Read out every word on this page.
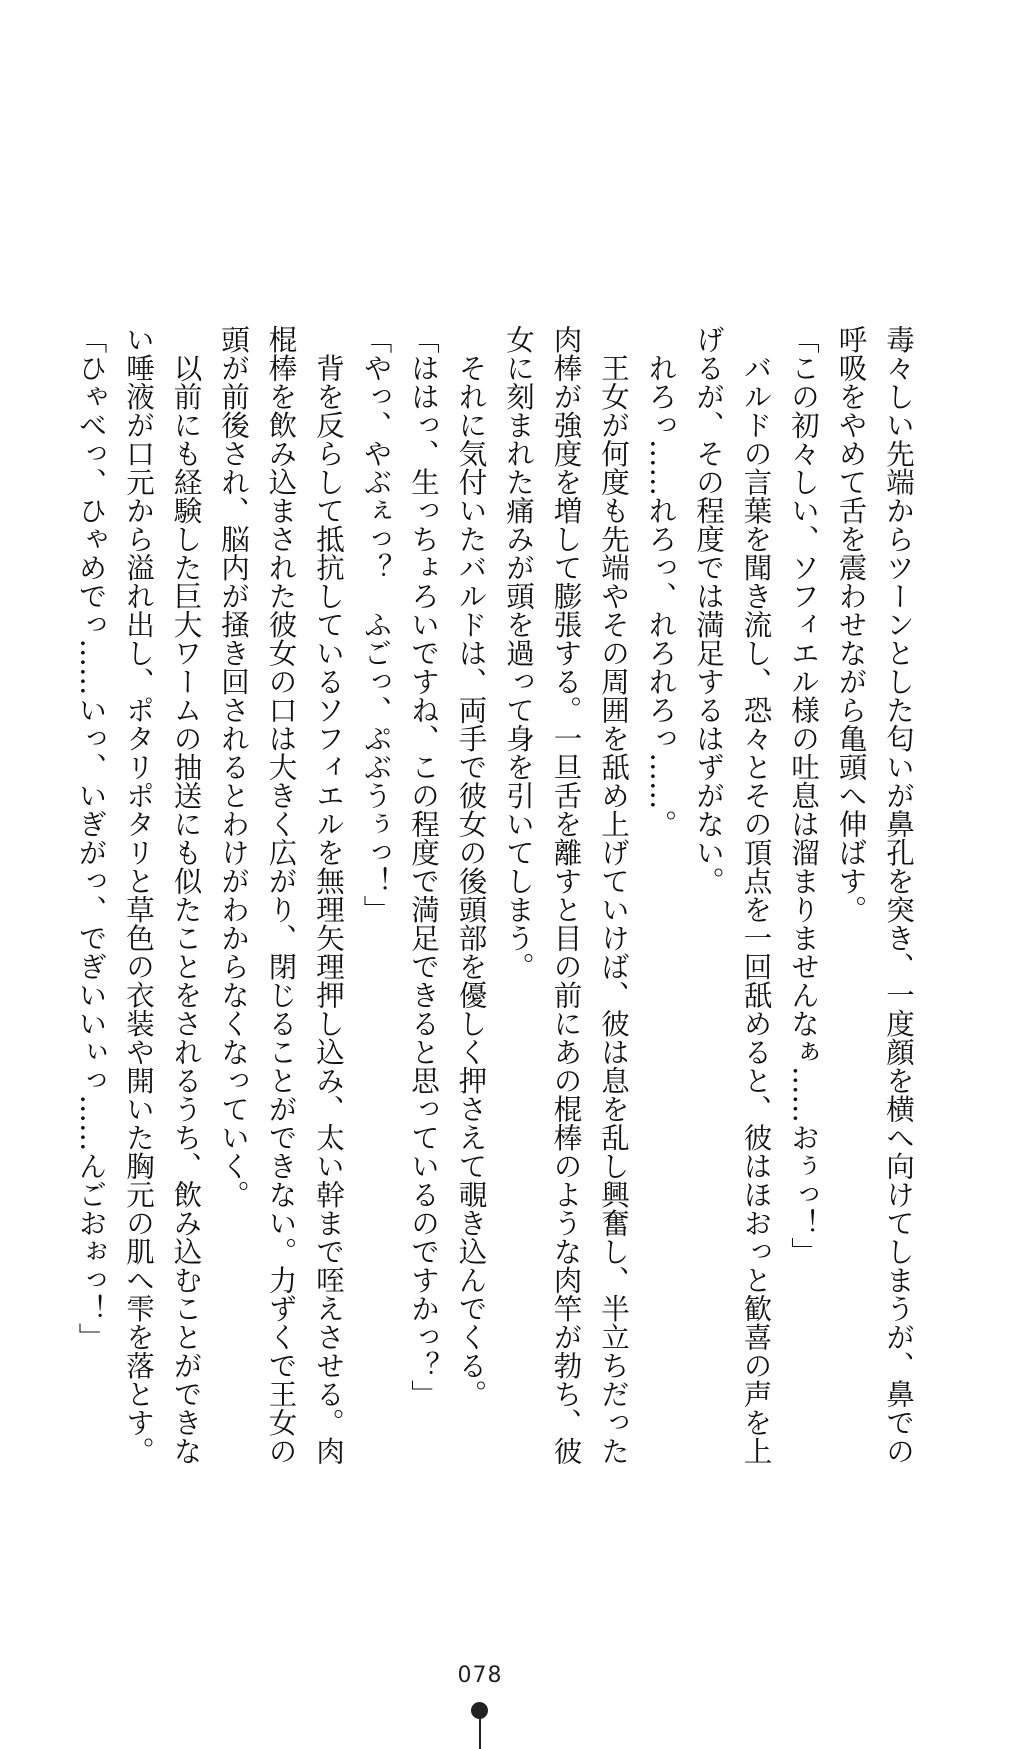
毒々しい先端からツーンとした匂いが鼻孔を突き、一度顔を横へ向けてしまうが、鼻での
呼吸をやめて舌を震わせながら亀頭へ伸ばす。
「この初々しい、ソフィエル様の吐息は溜まりませんなぁ……おぅっ！」
　バルドの言葉を聞き流し、恐々とその頂点を一回舐めると、彼はほおっと歓喜の声を上
げるが、その程度では満足するはずがない。
　れろっ……れろっ、れろれろっ……。
　王女が何度も先端やその周囲を舐め上げていけば、彼は息を乱し興奮し、半立ちだった
肉棒が強度を増して膨張する。一旦舌を離すと目の前にあの棍棒のような肉竿が勃ち、彼
女に刻まれた痛みが頭を過って身を引いてしまう。
　それに気付いたバルドは、両手で彼女の後頭部を優しく押さえて覗き込んでくる。
「ははっ、生っちょろいですね、この程度で満足できると思っているのですかっ？」
「やっ、やぶぇっ？　ふごっ、ぷぶうぅっ！」
　背を反らして抵抗しているソフィエルを無理矢理押し込み、太い幹まで咥えさせる。肉
棍棒を飲み込まされた彼女の口は大きく広がり、閉じることができない。力ずくで王女の
頭が前後され、脳内が掻き回されるとわけがわからなくなっていく。
　以前にも経験した巨大ワームの抽送にも似たことをされるうち、飲み込むことができな
い唾液が口元から溢れ出し、ポタリポタリと草色の衣装や開いた胸元の肌へ雫を落とす。
「ひゃべっ、ひゃめでっ……いっ、いぎがっ、でぎいいぃっ……んごおぉっ！」
078
